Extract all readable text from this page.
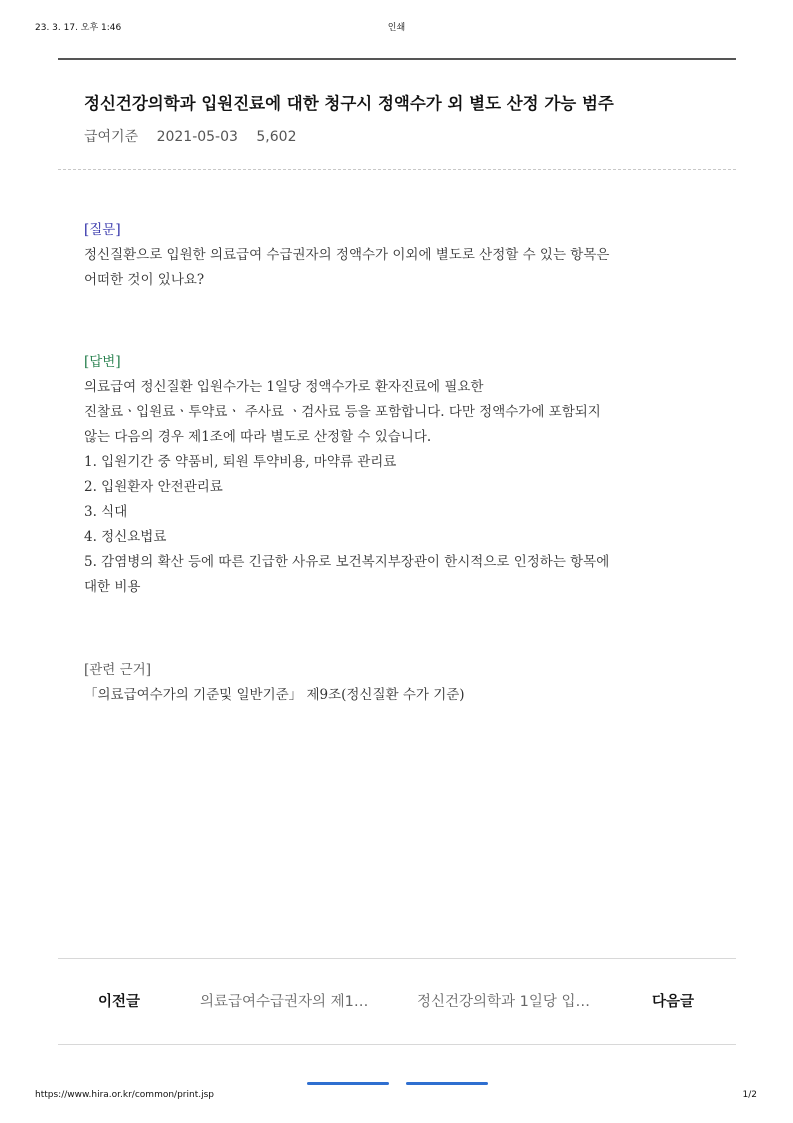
23. 3. 17. 오후 1:46	인쇄
정신건강의학과 입원진료에 대한 청구시 정액수가 외 별도 산정 가능 범주
급여기준 2021-05-03 5,602

[질문]

정신질환으로 입원한 의료급여 수급권자의 정액수가 이외에 별도로 산정할 수 있는 항목은

어떠한 것이 있나요?

[답변]

의료급여 정신질환 입원수가는 1일당 정액수가로 환자진료에 필요한

진찰료ㆍ입원료ㆍ투약료ㆍ 주사료 ㆍ검사료 등을 포함합니다. 다만 정액수가에 포함되지

않는 다음의 경우 제1조에 따라 별도로 산정할 수 있습니다.

1. 입원기간 중 약품비, 퇴원 투약비용, 마약류 관리료

2. 입원환자 안전관리료

3. 식대

4. 정신요법료

5. 감염병의 확산 등에 따른 긴급한 사유로 보건복지부장관이 한시적으로 인정하는 항목에

대한 비용

[관련 근거]

「의료급여수가의 기준및 일반기준」 제9조(정신질환 수가 기준)

이전글	의료급여수급권자의 제1…	정신건강의학과 1일당 입…	다음글
https://www.hira.or.kr/common/print.jsp	1/2
